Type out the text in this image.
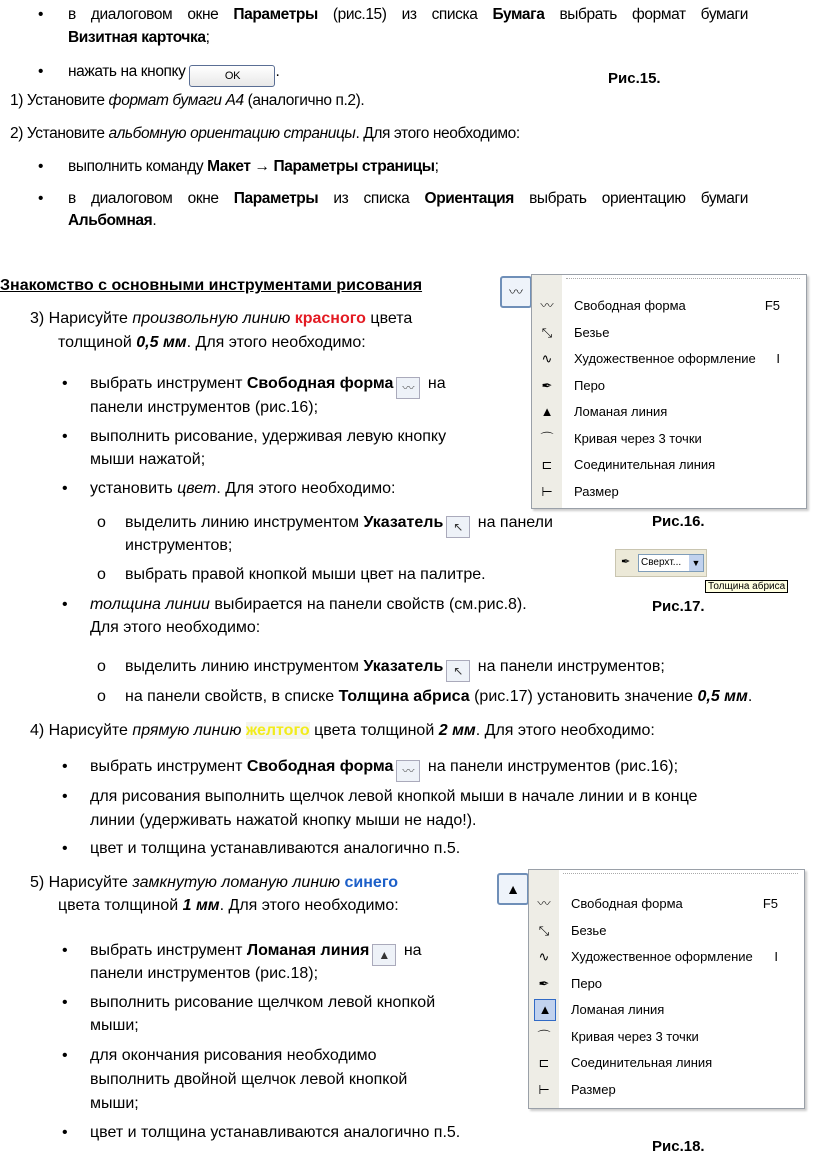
Рис.15.
Рис.16.
Рис.17.
Рис.18.
〰
〰 Свободная форма	F5
⤡	Безье
∿	Художественное оформление I
✒	Перо
▲ Ломаная линия
⌒ Кривая через 3 точки
⊏	Соединительная линия
⊢	Размер
✒	Сверхт... ▼
Толщина абриса
▲
〰 Свободная форма	F5
⤡	Безье
∿	Художественное оформление I
✒	Перо
▲	Ломаная линия
⌒ Кривая через 3 точки
⊏	Соединительная линия
⊢	Размер
• в диалоговом окне Параметры (рис.15) из списка Бумага выбрать формат бумаги
Визитная карточка;
• нажать на кнопку	OK .
1) Установите формат бумаги А4 (аналогично п.2).
2) Установите альбомную ориентацию страницы. Для этого необходимо:
• выполнить команду Макет → Параметры страницы;
• в диалоговом окне Параметры из списка Ориентация выбрать ориентацию бумаги
Альбомная.
Знакомство с основными инструментами рисования
3) Нарисуйте произвольную линию красного цвета
толщиной 0,5 мм. Для этого необходимо:
• выбрать инструмент Свободная форма 〰 на
панели инструментов (рис.16);
• выполнить рисование, удерживая левую кнопку
мыши нажатой;
• установить цвет. Для этого необходимо:
o выделить линию инструментом Указатель ↖ на панели
инструментов;
o выбрать правой кнопкой мыши цвет на палитре.
• толщина линии выбирается на панели свойств (см.рис.8).
Для этого необходимо:
o выделить линию инструментом Указатель ↖ на панели инструментов;
o на панели свойств, в списке Толщина абриса (рис.17) установить значение 0,5 мм.
4) Нарисуйте прямую линию желтого цвета толщиной 2 мм. Для этого необходимо:
• выбрать инструмент Свободная форма 〰 на панели инструментов (рис.16);
• для рисования выполнить щелчок левой кнопкой мыши в начале линии и в конце
линии (удерживать нажатой кнопку мыши не надо!).
• цвет и толщина устанавливаются аналогично п.5.
5) Нарисуйте замкнутую ломаную линию синего
цвета толщиной 1 мм. Для этого необходимо:
• выбрать инструмент Ломаная линия ▲ на
панели инструментов (рис.18);
• выполнить рисование щелчком левой кнопкой
мыши;
• для окончания рисования необходимо
выполнить двойной щелчок левой кнопкой
мыши;
• цвет и толщина устанавливаются аналогично п.5.
